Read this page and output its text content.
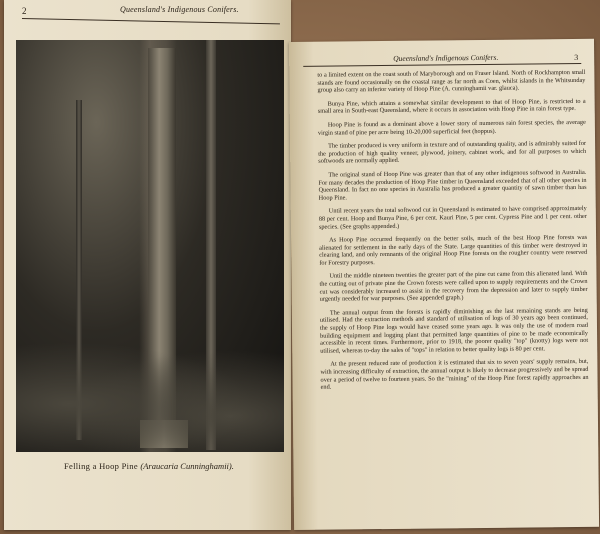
2	Queensland's Indigenous Conifers.
Felling a Hoop Pine (Araucaria Cunninghamii).
Queensland's Indigenous Conifers.	3

to a limited extent on the coast south of Maryborough and on Fraser Island. North of Rockhampton small stands are found occasionally on the coastal range as far north as Coen, whilst islands in the Whitsunday group also carry an inferior variety of Hoop Pine (A. cunninghamii var. glauca).

Bunya Pine, which attains a somewhat similar development to that of Hoop Pine, is restricted to a small area in South-east Queensland, where it occurs in association with Hoop Pine in rain forest type.

Hoop Pine is found as a dominant above a lower story of numerous rain forest species, the average virgin stand of pine per acre being 10-20,000 superficial feet (hoppus).

The timber produced is very uniform in texture and of outstanding quality, and is admirably suited for the production of high quality veneer, plywood, joinery, cabinet work, and for all purposes to which softwoods are normally applied.

The original stand of Hoop Pine was greater than that of any other indigenous softwood in Australia. For many decades the production of Hoop Pine timber in Queensland exceeded that of all other species in Queensland. In fact no one species in Australia has produced a greater quantity of sawn timber than has Hoop Pine.

Until recent years the total softwood cut in Queensland is estimated to have comprised approximately 88 per cent. Hoop and Bunya Pine, 6 per cent. Kauri Pine, 5 per cent. Cypress Pine and 1 per cent. other species. (See graphs appended.)

As Hoop Pine occurred frequently on the better soils, much of the best Hoop Pine forests was alienated for settlement in the early days of the State. Large quantities of this timber were destroyed in clearing land, and only remnants of the original Hoop Pine forests on the rougher country were reserved for Forestry purposes.

Until the middle nineteen twenties the greater part of the pine cut came from this alienated land. With the cutting out of private pine the Crown forests were called upon to supply requirements and the Crown cut was considerably increased to assist in the recovery from the depression and later to supply timber urgently needed for war purposes. (See appended graph.)

The annual output from the forests is rapidly diminishing as the last remaining stands are being utilised. Had the extraction methods and standard of utilisation of logs of 30 years ago been continued, the supply of Hoop Pine logs would have ceased some years ago. It was only the use of modern road building equipment and logging plant that permitted large quantities of pine to be made economically accessible in recent times. Furthermore, prior to 1918, the poorer quality "top" (knotty) logs were not utilised, whereas to-day the sales of "tops" in relation to better quality logs is 80 per cent.

At the present reduced rate of production it is estimated that six to seven years' supply remains, but, with increasing difficulty of extraction, the annual output is likely to decrease progressively and be spread over a period of twelve to fourteen years. So the "mining" of the Hoop Pine forest rapidly approaches an end.
